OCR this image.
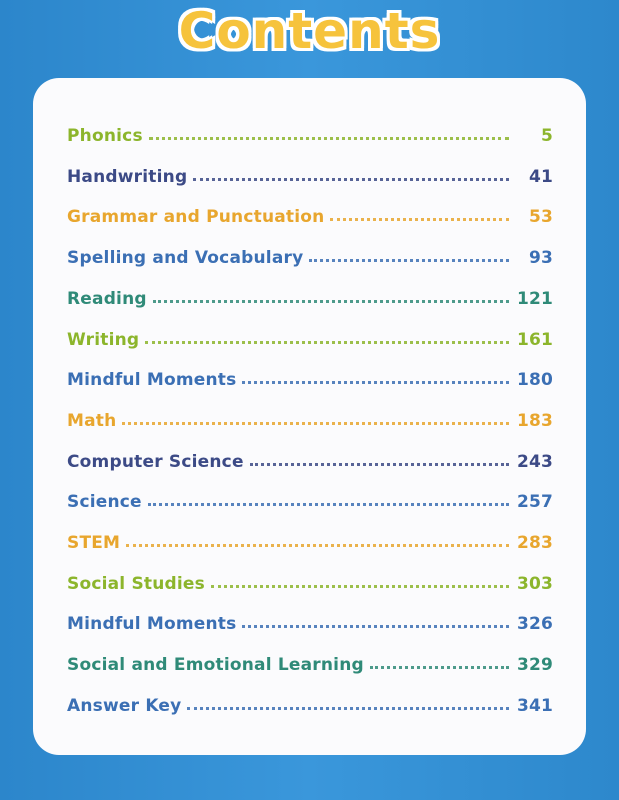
Contents
Phonics	5
Handwriting	41
Grammar and Punctuation	53
Spelling and Vocabulary	93
Reading	121
Writing	161
Mindful Moments	180
Math	183
Computer Science	243
Science	257
STEM	283
Social Studies	303
Mindful Moments	326
Social and Emotional Learning	329
Answer Key	341
